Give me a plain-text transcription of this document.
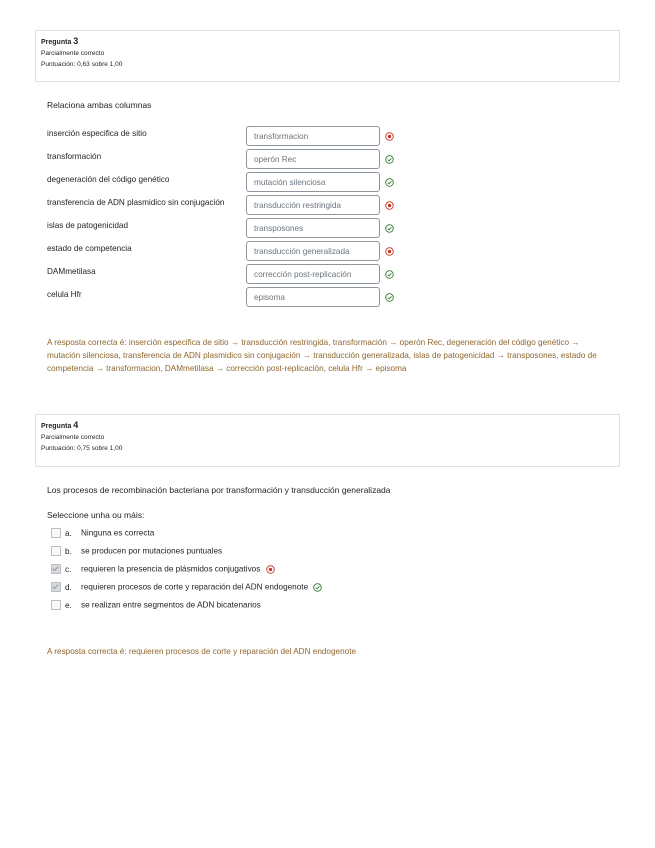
Pregunta 3
Parcialmente correcto
Puntuación: 0,63 sobre 1,00
Relaciona ambas columnas
inserción especifica de sitio	transformacion
transformación	operón Rec
degeneración del código genético	mutación silenciosa
transferencia de ADN plasmidico sin conjugación	transducción restringida
islas de patogenicidad	transposones
estado de competencia	transducción generalizada
DAMmetilasa	corrección post-replicación
celula Hfr	episoma
A resposta correcta é: inserción especifica de sitio → transducción restringida, transformación → operón Rec, degeneración del código genético → mutación silenciosa, transferencia de ADN plasmidico sin conjugación → transducción generalizada, islas de patogenicidad → transposones, estado de competencia → transformacion, DAMmetilasa → corrección post-replicación, celula Hfr → episoma
Pregunta 4
Parcialmente correcto
Puntuación: 0,75 sobre 1,00
Los procesos de recombinación bacteriana por transformación y transducción generalizada
Seleccione unha ou máis:
a. Ninguna es correcta
b. se producen por mutaciones puntuales
c. requieren la presencia de plásmidos conjugativos
d. requieren procesos de corte y reparación del ADN endogenote
e. se realizan entre segmentos de ADN bicatenarios
A resposta correcta é: requieren procesos de corte y reparación del ADN endogenote
